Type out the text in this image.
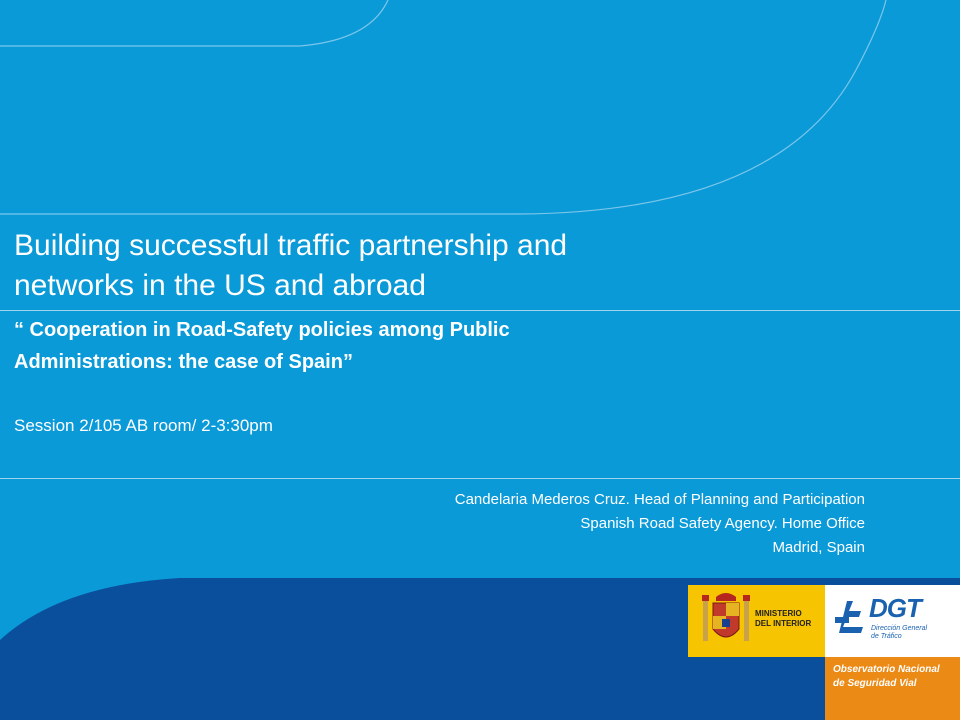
Building successful traffic partnership and
networks in the US and abroad
“ Cooperation in Road-Safety policies among Public
Administrations: the case of Spain”
Session 2/105 AB room/ 2-3:30pm
Candelaria Mederos Cruz. Head of Planning and Participation
Spanish Road Safety Agency. Home Office
Madrid, Spain
MINISTERIO
DEL INTERIOR
DGT
Dirección General
de Tráfico
Observatorio Nacional
de Seguridad Vial
